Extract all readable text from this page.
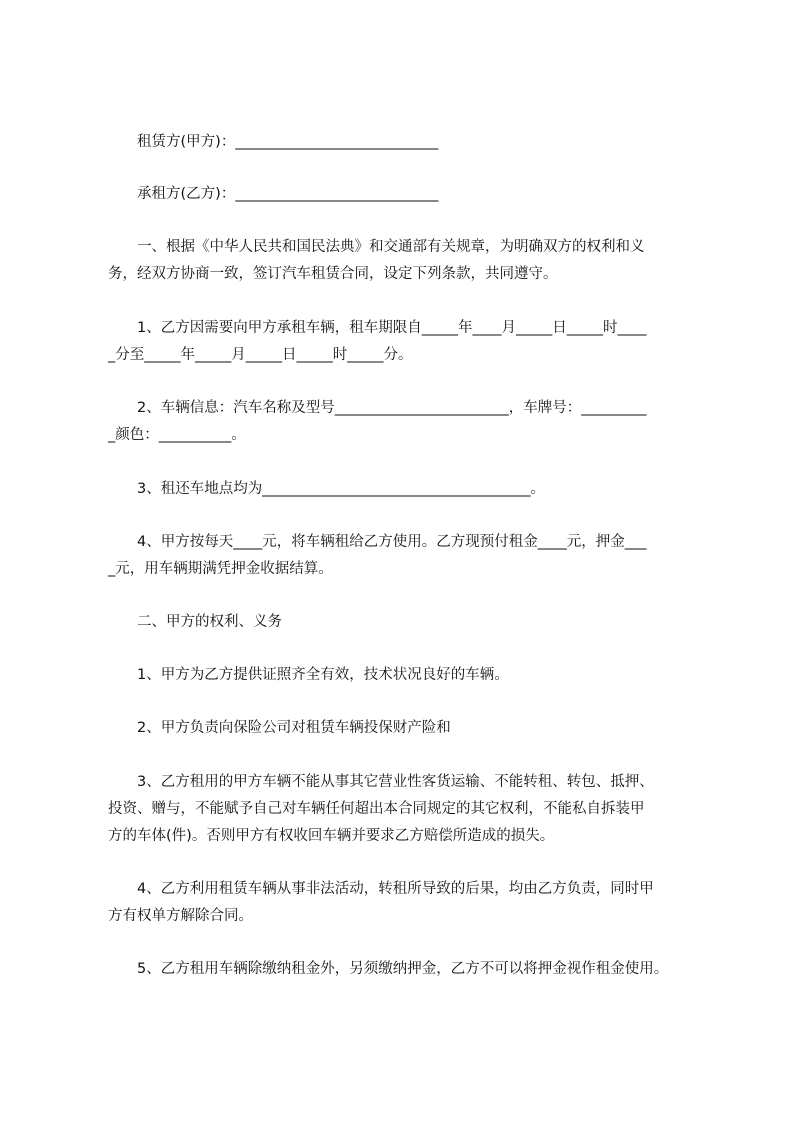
租赁方(甲方)：____________________________
承租方(乙方)：____________________________
一、根据《中华人民共和国民法典》和交通部有关规章，为明确双方的权利和义
务，经双方协商一致，签订汽车租赁合同，设定下列条款，共同遵守。
1、乙方因需要向甲方承租车辆，租车期限自_____年____月_____日_____时____
_分至_____年_____月_____日_____时_____分。
2、车辆信息：汽车名称及型号________________________，车牌号：_________
_颜色：__________。
3、租还车地点均为_____________________________________。
4、甲方按每天____元，将车辆租给乙方使用。乙方现预付租金____元，押金___
_元，用车辆期满凭押金收据结算。
二、甲方的权利、义务
1、甲方为乙方提供证照齐全有效，技术状况良好的车辆。
2、甲方负责向保险公司对租赁车辆投保财产险和
3、乙方租用的甲方车辆不能从事其它营业性客货运输、不能转租、转包、抵押、
投资、赠与，不能赋予自己对车辆任何超出本合同规定的其它权利，不能私自拆装甲
方的车体(件)。否则甲方有权收回车辆并要求乙方赔偿所造成的损失。
4、乙方利用租赁车辆从事非法活动，转租所导致的后果，均由乙方负责，同时甲
方有权单方解除合同。
5、乙方租用车辆除缴纳租金外，另须缴纳押金，乙方不可以将押金视作租金使用。
